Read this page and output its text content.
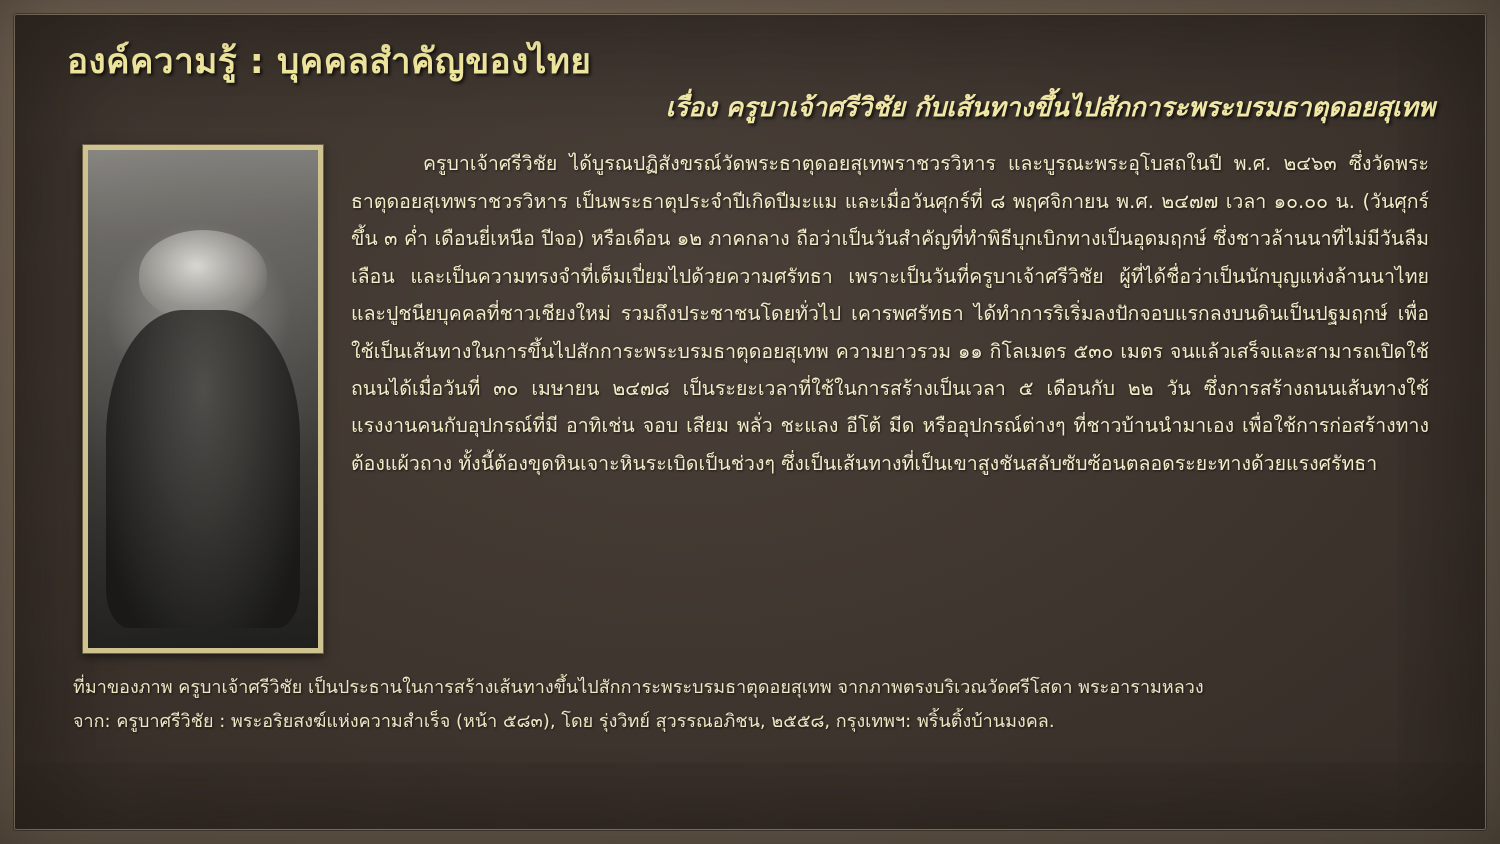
องค์ความรู้ : บุคคลสำคัญของไทย
เรื่อง ครูบาเจ้าศรีวิชัย กับเส้นทางขึ้นไปสักการะพระบรมธาตุดอยสุเทพ

ครูบาเจ้าศรีวิชัย ได้บูรณปฏิสังขรณ์วัดพระธาตุดอยสุเทพราชวรวิหาร และบูรณะพระอุโบสถในปี พ.ศ. ๒๔๖๓ ซึ่งวัดพระธาตุดอยสุเทพราชวรวิหาร เป็นพระธาตุประจำปีเกิดปีมะแม และเมื่อวันศุกร์ที่ ๘ พฤศจิกายน พ.ศ. ๒๔๗๗ เวลา ๑๐.๐๐ น. (วันศุกร์ขึ้น ๓ ค่ำ เดือนยี่เหนือ ปีจอ) หรือเดือน ๑๒ ภาคกลาง ถือว่าเป็นวันสำคัญที่ทำพิธีบุกเบิกทางเป็นอุดมฤกษ์ ซึ่งชาวล้านนาที่ไม่มีวันลืมเลือน และเป็นความทรงจำที่เต็มเปี่ยมไปด้วยความศรัทธา เพราะเป็นวันที่ครูบาเจ้าศรีวิชัย ผู้ที่ได้ชื่อว่าเป็นนักบุญแห่งล้านนาไทย และปูชนียบุคคลที่ชาวเชียงใหม่ รวมถึงประชาชนโดยทั่วไป เคารพศรัทธา ได้ทำการริเริ่มลงปักจอบแรกลงบนดินเป็นปฐมฤกษ์ เพื่อใช้เป็นเส้นทางในการขึ้นไปสักการะพระบรมธาตุดอยสุเทพ ความยาวรวม ๑๑ กิโลเมตร ๕๓๐ เมตร จนแล้วเสร็จและสามารถเปิดใช้ถนนได้เมื่อวันที่ ๓๐ เมษายน ๒๔๗๘ เป็นระยะเวลาที่ใช้ในการสร้างเป็นเวลา ๕ เดือนกับ ๒๒ วัน ซึ่งการสร้างถนนเส้นทางใช้แรงงานคนกับอุปกรณ์ที่มี อาทิเช่น จอบ เสียม พลั่ว ชะแลง อีโต้ มีด หรืออุปกรณ์ต่างๆ ที่ชาวบ้านนำมาเอง เพื่อใช้การก่อสร้างทางต้องแผ้วถาง ทั้งนี้ต้องขุดหินเจาะหินระเบิดเป็นช่วงๆ ซึ่งเป็นเส้นทางที่เป็นเขาสูงชันสลับซับซ้อนตลอดระยะทางด้วยแรงศรัทธา

ที่มาของภาพ ครูบาเจ้าศรีวิชัย เป็นประธานในการสร้างเส้นทางขึ้นไปสักการะพระบรมธาตุดอยสุเทพ จากภาพตรงบริเวณวัดศรีโสดา พระอารามหลวง
จาก: ครูบาศรีวิชัย : พระอริยสงฆ์แห่งความสำเร็จ (หน้า ๕๘๓), โดย รุ่งวิทย์ สุวรรณอภิชน, ๒๕๕๘, กรุงเทพฯ: พริ้นติ้งบ้านมงคล.
